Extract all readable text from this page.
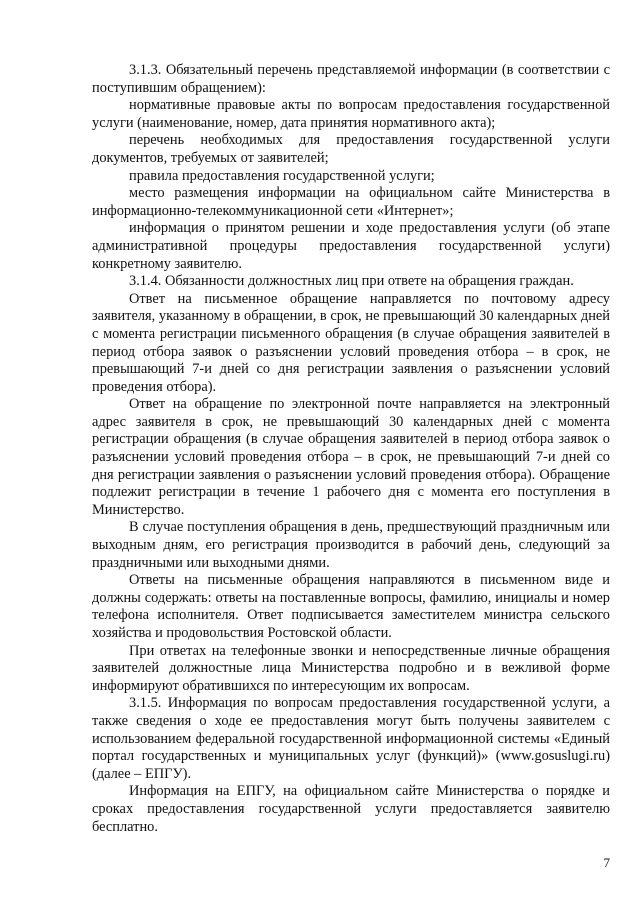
3.1.3. Обязательный перечень представляемой информации (в соответствии с поступившим обращением):

нормативные правовые акты по вопросам предоставления государственной услуги (наименование, номер, дата принятия нормативного акта);

перечень необходимых для предоставления государственной услуги документов, требуемых от заявителей;

правила предоставления государственной услуги;

место размещения информации на официальном сайте Министерства в информационно-телекоммуникационной сети «Интернет»;

информация о принятом решении и ходе предоставления услуги (об этапе административной процедуры предоставления государственной услуги) конкретному заявителю.

3.1.4. Обязанности должностных лиц при ответе на обращения граждан.

Ответ на письменное обращение направляется по почтовому адресу заявителя, указанному в обращении, в срок, не превышающий 30 календарных дней с момента регистрации письменного обращения (в случае обращения заявителей в период отбора заявок о разъяснении условий проведения отбора – в срок, не превышающий 7-и дней со дня регистрации заявления о разъяснении условий проведения отбора).

Ответ на обращение по электронной почте направляется на электронный адрес заявителя в срок, не превышающий 30 календарных дней с момента регистрации обращения (в случае обращения заявителей в период отбора заявок о разъяснении условий проведения отбора – в срок, не превышающий 7-и дней со дня регистрации заявления о разъяснении условий проведения отбора). Обращение подлежит регистрации в течение 1 рабочего дня с момента его поступления в Министерство.

В случае поступления обращения в день, предшествующий праздничным или выходным дням, его регистрация производится в рабочий день, следующий за праздничными или выходными днями.

Ответы на письменные обращения направляются в письменном виде и должны содержать: ответы на поставленные вопросы, фамилию, инициалы и номер телефона исполнителя. Ответ подписывается заместителем министра сельского хозяйства и продовольствия Ростовской области.

При ответах на телефонные звонки и непосредственные личные обращения заявителей должностные лица Министерства подробно и в вежливой форме информируют обратившихся по интересующим их вопросам.

3.1.5. Информация по вопросам предоставления государственной услуги, а также сведения о ходе ее предоставления могут быть получены заявителем с использованием федеральной государственной информационной системы «Единый портал государственных и муниципальных услуг (функций)» (www.gosuslugi.ru) (далее – ЕПГУ).

Информация на ЕПГУ, на официальном сайте Министерства о порядке и сроках предоставления государственной услуги предоставляется заявителю бесплатно.

7
